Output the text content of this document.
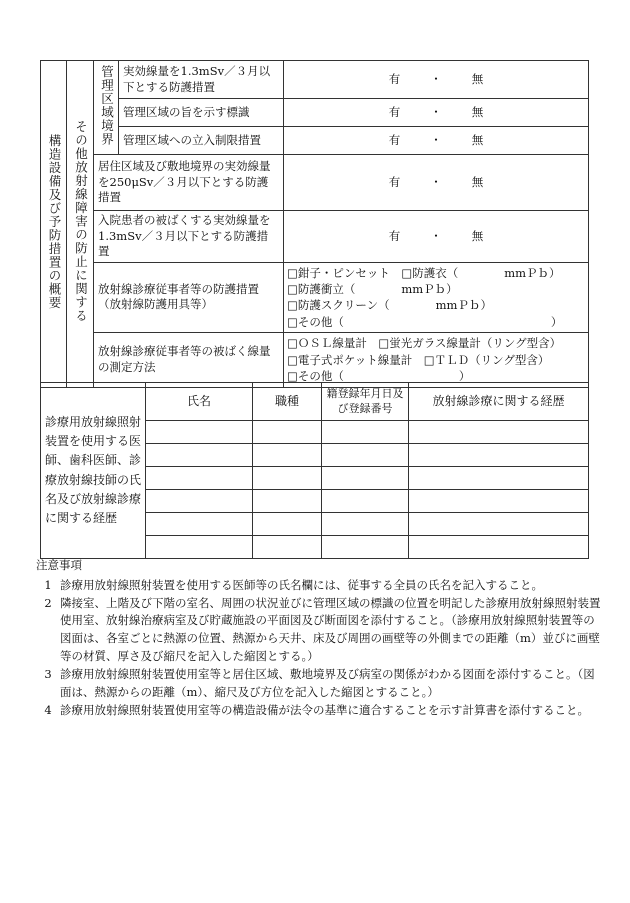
構造設備及び予防措置の概要	その他放射線障害の防止に関する	管理区域境界	実効線量を1.3mSv／３月以下とする防護措置	有 ・ 無
			管理区域の旨を示す標識	有 ・ 無
			管理区域への立入制限措置	有 ・ 無
		居住区域及び敷地境界の実効線量を250μSv／３月以下とする防護措置		有 ・ 無
		入院患者の被ばくする実効線量を1.3mSv／３月以下とする防護措置		有 ・ 無
		放射線診療従事者等の防護措置（放射線防護用具等）		□鉗子・ピンセット　□防護衣（　　　　mmＰｂ）
□防護衝立（　　　　mmＰｂ）
□防護スクリーン（　　　　mmＰｂ）
□その他（　　　　　　　　　　　　　　　　　　）

		放射線診療従事者等の被ばく線量の測定方法		□ＯＳＬ線量計　□蛍光ガラス線量計（リング型含）
□電子式ポケット線量計　□ＴＬＤ（リング型含）
□その他（　　　　　　　　　　）
診療用放射線照射装置を使用する医師、歯科医師、診療放射線技師の氏名及び放射線診療に関する経歴	氏名	職種	籍登録年月日及び登録番号	放射線診療に関する経歴

注意事項
1 診療用放射線照射装置を使用する医師等の氏名欄には、従事する全員の氏名を記入すること。
2 隣接室、上階及び下階の室名、周囲の状況並びに管理区域の標識の位置を明記した診療用放射線照射装置使用室、放射線治療病室及び貯蔵施設の平面図及び断面図を添付すること。（診療用放射線照射装置等の図面は、各室ごとに熱源の位置、熱源から天井、床及び周囲の画壁等の外側までの距離（m）並びに画壁等の材質、厚さ及び縮尺を記入した縮図とする。）
3 診療用放射線照射装置使用室等と居住区域、敷地境界及び病室の関係がわかる図面を添付すること。（図面は、熱源からの距離（m）、縮尺及び方位を記入した縮図とすること。）
4 診療用放射線照射装置使用室等の構造設備が法令の基準に適合することを示す計算書を添付すること。
